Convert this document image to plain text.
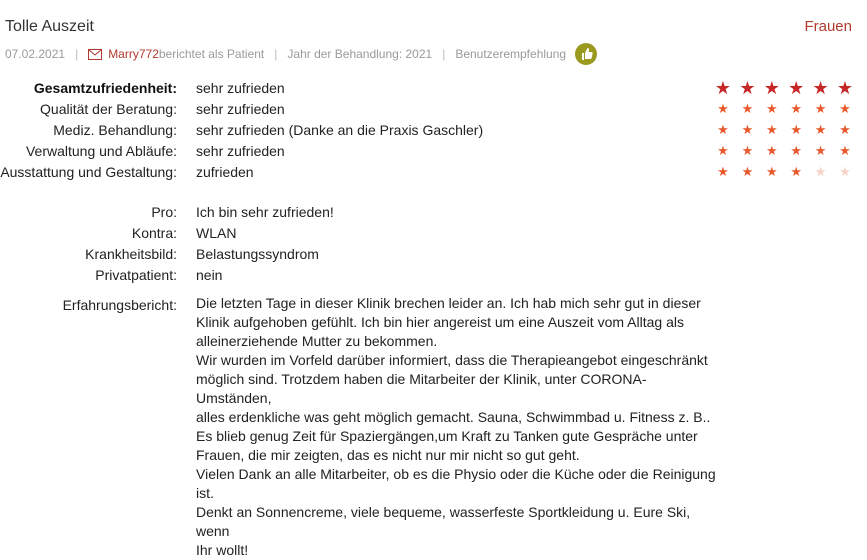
Tolle Auszeit	Frauen
07.02.2021 |	Marry772 berichtet als Patient | Jahr der Behandlung: 2021 | Benutzerempfehlung
Gesamtzufriedenheit: sehr zufrieden	★ ★ ★ ★ ★ ★
Qualität der Beratung: sehr zufrieden	★ ★ ★ ★ ★ ★
Mediz. Behandlung: sehr zufrieden (Danke an die Praxis Gaschler)	★ ★ ★ ★ ★ ★
Verwaltung und Abläufe: sehr zufrieden	★ ★ ★ ★ ★ ★
Ausstattung und Gestaltung: zufrieden	★ ★ ★ ★ ★ ★
Pro: Ich bin sehr zufrieden!
Kontra: WLAN
Krankheitsbild: Belastungssyndrom
Privatpatient: nein
Erfahrungsbericht: Die letzten Tage in dieser Klinik brechen leider an. Ich hab mich sehr gut in dieser

Klinik aufgehoben gefühlt. Ich bin hier angereist um eine Auszeit vom Alltag als

alleinerziehende Mutter zu bekommen.

Wir wurden im Vorfeld darüber informiert, dass die Therapieangebot eingeschränkt

möglich sind. Trotzdem haben die Mitarbeiter der Klinik, unter CORONA- Umständen,

alles erdenkliche was geht möglich gemacht. Sauna, Schwimmbad u. Fitness z. B..

Es blieb genug Zeit für Spaziergängen,um Kraft zu Tanken gute Gespräche unter

Frauen, die mir zeigten, das es nicht nur mir nicht so gut geht.

Vielen Dank an alle Mitarbeiter, ob es die Physio oder die Küche oder die Reinigung

ist.

Denkt an Sonnencreme, viele bequeme, wasserfeste Sportkleidung u. Eure Ski, wenn

Ihr wollt!
